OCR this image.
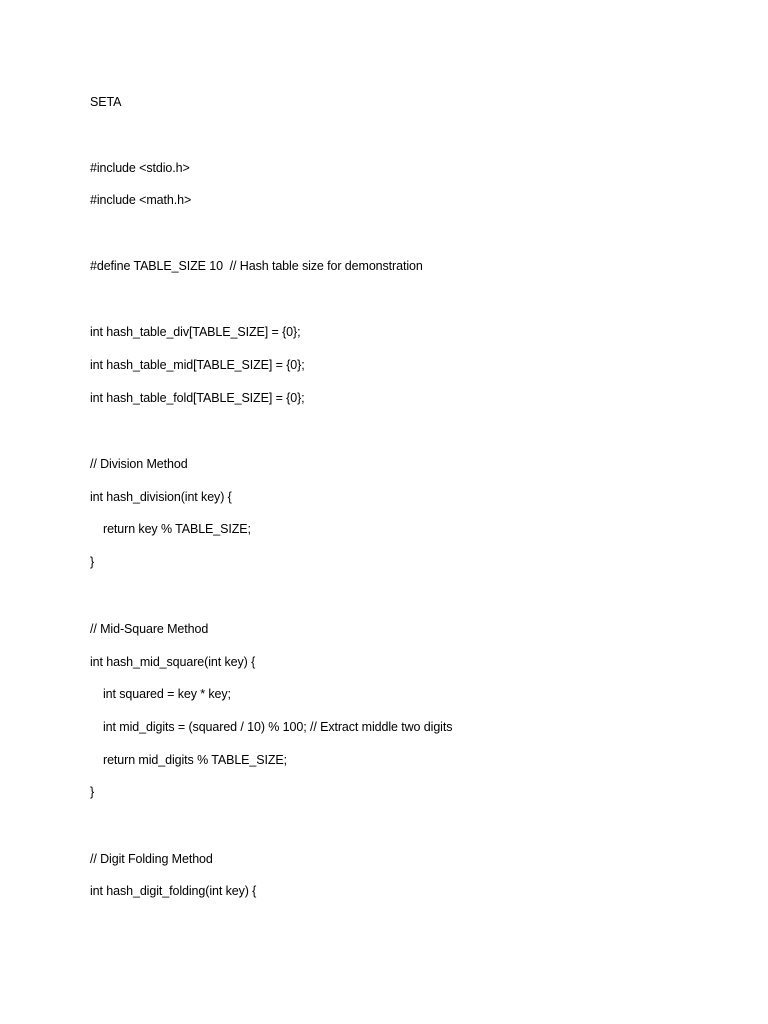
SETA
#include <stdio.h>
#include <math.h>
#define TABLE_SIZE 10  // Hash table size for demonstration
int hash_table_div[TABLE_SIZE] = {0};
int hash_table_mid[TABLE_SIZE] = {0};
int hash_table_fold[TABLE_SIZE] = {0};
// Division Method
int hash_division(int key) {
return key % TABLE_SIZE;
}
// Mid-Square Method
int hash_mid_square(int key) {
int squared = key * key;
int mid_digits = (squared / 10) % 100; // Extract middle two digits
return mid_digits % TABLE_SIZE;
}
// Digit Folding Method
int hash_digit_folding(int key) {
